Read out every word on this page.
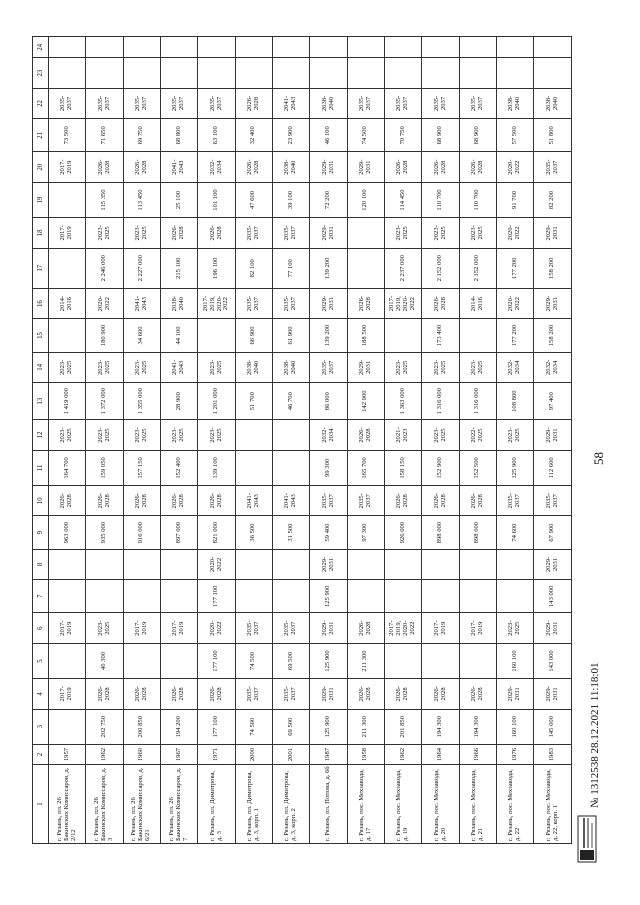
1	2	3	4	5	6	7	8	9	10	11	12	13	14	15	16	17	18	19	20	21	22	23	24
г. Рязань, пл. 26 Бакинских Комиссаров, д. 2/12	1957		2017-2019		2017-2019			963 000	2026-2028	164 700	2023-2025	1 419 000	2023-2025		2014-2016		2017-2019		2017-2019	73 500	2035-2037		
г. Рязань, пл. 26 Бакинских Комиссаров, д. 3	1962	202 750	2026-2028	40 300	2023-2025			935 000	2026-2028	159 050	2023-2025	1 372 000	2023-2025	180 900	2020-2022	2 246 000	2023-2025	115 350	2026-2028	71 650	2035-2037		
г. Рязань, пл. 26 Бакинских Комиссаров, д. 6/21	1960	200 850	2026-2028		2017-2019			916 000	2026-2028	157 150	2023-2025	1 355 000	2023-2025	34 600	2041-2043	2 227 000	2023-2025	113 450	2026-2028	69 750	2035-2037		
г. Рязань, пл. 26 Бакинских Комиссаров, д. 7	1967	194 200	2026-2028		2017-2019			897 000	2026-2028	152 400	2023-2025	28 900	2041-2043	44 100	2038-2040	215 100	2026-2028	25 100	2041-2043	68 800	2035-2037		
г. Рязань, пл. Димитрова, д. 3	1971	177 100	2026-2028	177 100	2020-2022	177 100	2020-2022	821 000	2026-2028	139 100	2023-2025	1 201 000	2023-2025		2017-2019, 2020-2022	196 100	2026-2028	101 100	2032-2034	63 100	2035-2037		
г. Рязань, пл. Димитрова, д. 3, корп. 1	2000	74 500	2035-2037	74 500	2035-2037			36 500	2041-2043			51 700	2038-2040	66 900	2035-2037	82 100	2035-2037	47 600	2026-2028	32 400	2026-2028		
г. Рязань, пл. Димитрова, д. 3, корп. 2	2001	69 500	2035-2037	69 500	2035-2037			31 500	2041-2043			46 700	2038-2040	61 900	2035-2037	77 100	2035-2037	39 100	2038-2040	23 900	2041-2043		
г. Рязань, пл. Попова, д. 6б	1987	125 900	2029-2031	125 900	2029-2031	125 900	2029-2031	59 400	2035-2037	99 300	2032-2034	86 000	2035-2037	139 200	2029-2031	139 200	2029-2031	72 200	2029-2031	46 100	2038-2040		
г. Рязань, пос. Мехзавода, д. 17	1958	211 300	2026-2028	211 300	2026-2028			97 300	2035-2037	165 700	2026-2028	142 900	2029-2031	188 500	2026-2028			120 100	2029-2031	74 500	2035-2037		
г. Рязань, пос. Мехзавода, д. 19	1962	201 850	2026-2028		2017-2019, 2020-2022			926 000	2026-2028	158 150	2021-2023	1 363 000	2023-2025		2017-2019, 2020-2022	2 237 000	2023-2025	114 450	2026-2028	70 750	2035-2037		
г. Рязань, пос. Мехзавода, д. 20	1964	194 300	2026-2028		2017-2019			898 000	2026-2028	152 900	2023-2025	1 316 000	2023-2025	173 400	2026-2028	2 152 000	2023-2025	110 700	2026-2028	68 900	2035-2037		
г. Рязань, пос. Мехзавода, д. 21	1966	194 300	2026-2028		2017-2019			898 000	2026-2028	152 500	2022-2025	1 316 000	2023-2025		2014-2016	2 152 000	2023-2025	110 700	2026-2028	68 900	2035-2037		
г. Рязань, пос. Мехзавода, д. 22	1976	160 100	2029-2031	160 100	2023-2025			74 600	2035-2037	125 900	2023-2025	108 800	2032-2034	177 200	2020-2022	177 200	2020-2022	91 700	2020-2022	57 500	2038-2040		
г. Рязань, пос. Мехзавода, д. 22, корп. 1	1983	145 000	2029-2031	143 000	2029-2031	143 000	2029-2031	67 900	2035-2037	112 600	2029-2031	97 400	2032-2034	158 200	2029-2031	158 200	2029-2031	82 200	2035-2037	51 800	2038-2040		
58
№ 1312538 28.12.2021 11:18:01
